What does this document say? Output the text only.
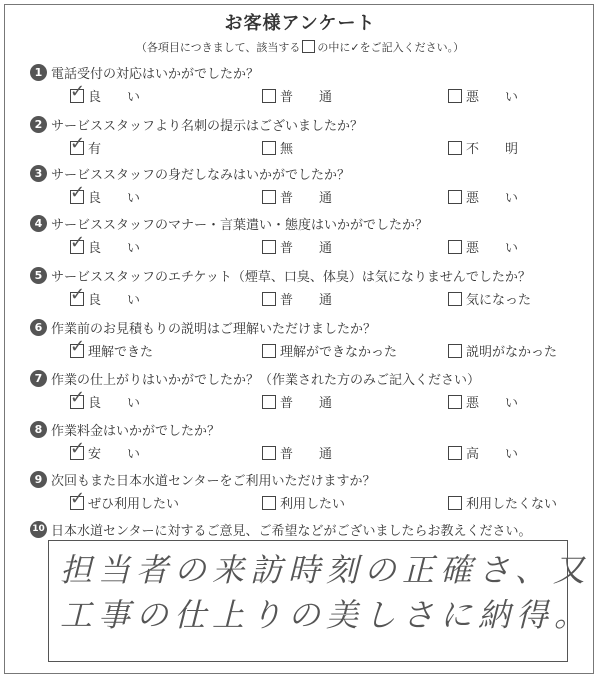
お客様アンケート
（各項目につきまして、該当する の中に✓をご記入ください。）
1 電話受付の対応はいかがでしたか？
✓ 良　　い	普　　通	悪　　い
2 サービススタッフより名刺の提示はございましたか？
✓ 有	無	不　　明
3 サービススタッフの身だしなみはいかがでしたか？
✓ 良　　い	普　　通	悪　　い
4 サービススタッフのマナー・言葉遣い・態度はいかがでしたか？
✓ 良　　い	普　　通	悪　　い
5 サービススタッフのエチケット（煙草、口臭、体臭）は気になりませんでしたか？
✓ 良　　い	普　　通	気になった
6 作業前のお見積もりの説明はご理解いただけましたか？
✓ 理解できた	理解ができなかった	説明がなかった
7 作業の仕上がりはいかがでしたか？（作業された方のみご記入ください）
✓ 良　　い	普　　通	悪　　い
8 作業料金はいかがでしたか？
✓ 安　　い	普　　通	高　　い
9 次回もまた日本水道センターをご利用いただけますか？
✓ ぜひ利用したい	利用したい	利用したくない
10 日本水道センターに対するご意見、ご希望などがございましたらお教えください。
担当者の来訪時刻の正確さ、又
工事の仕上りの美しさに納得。
